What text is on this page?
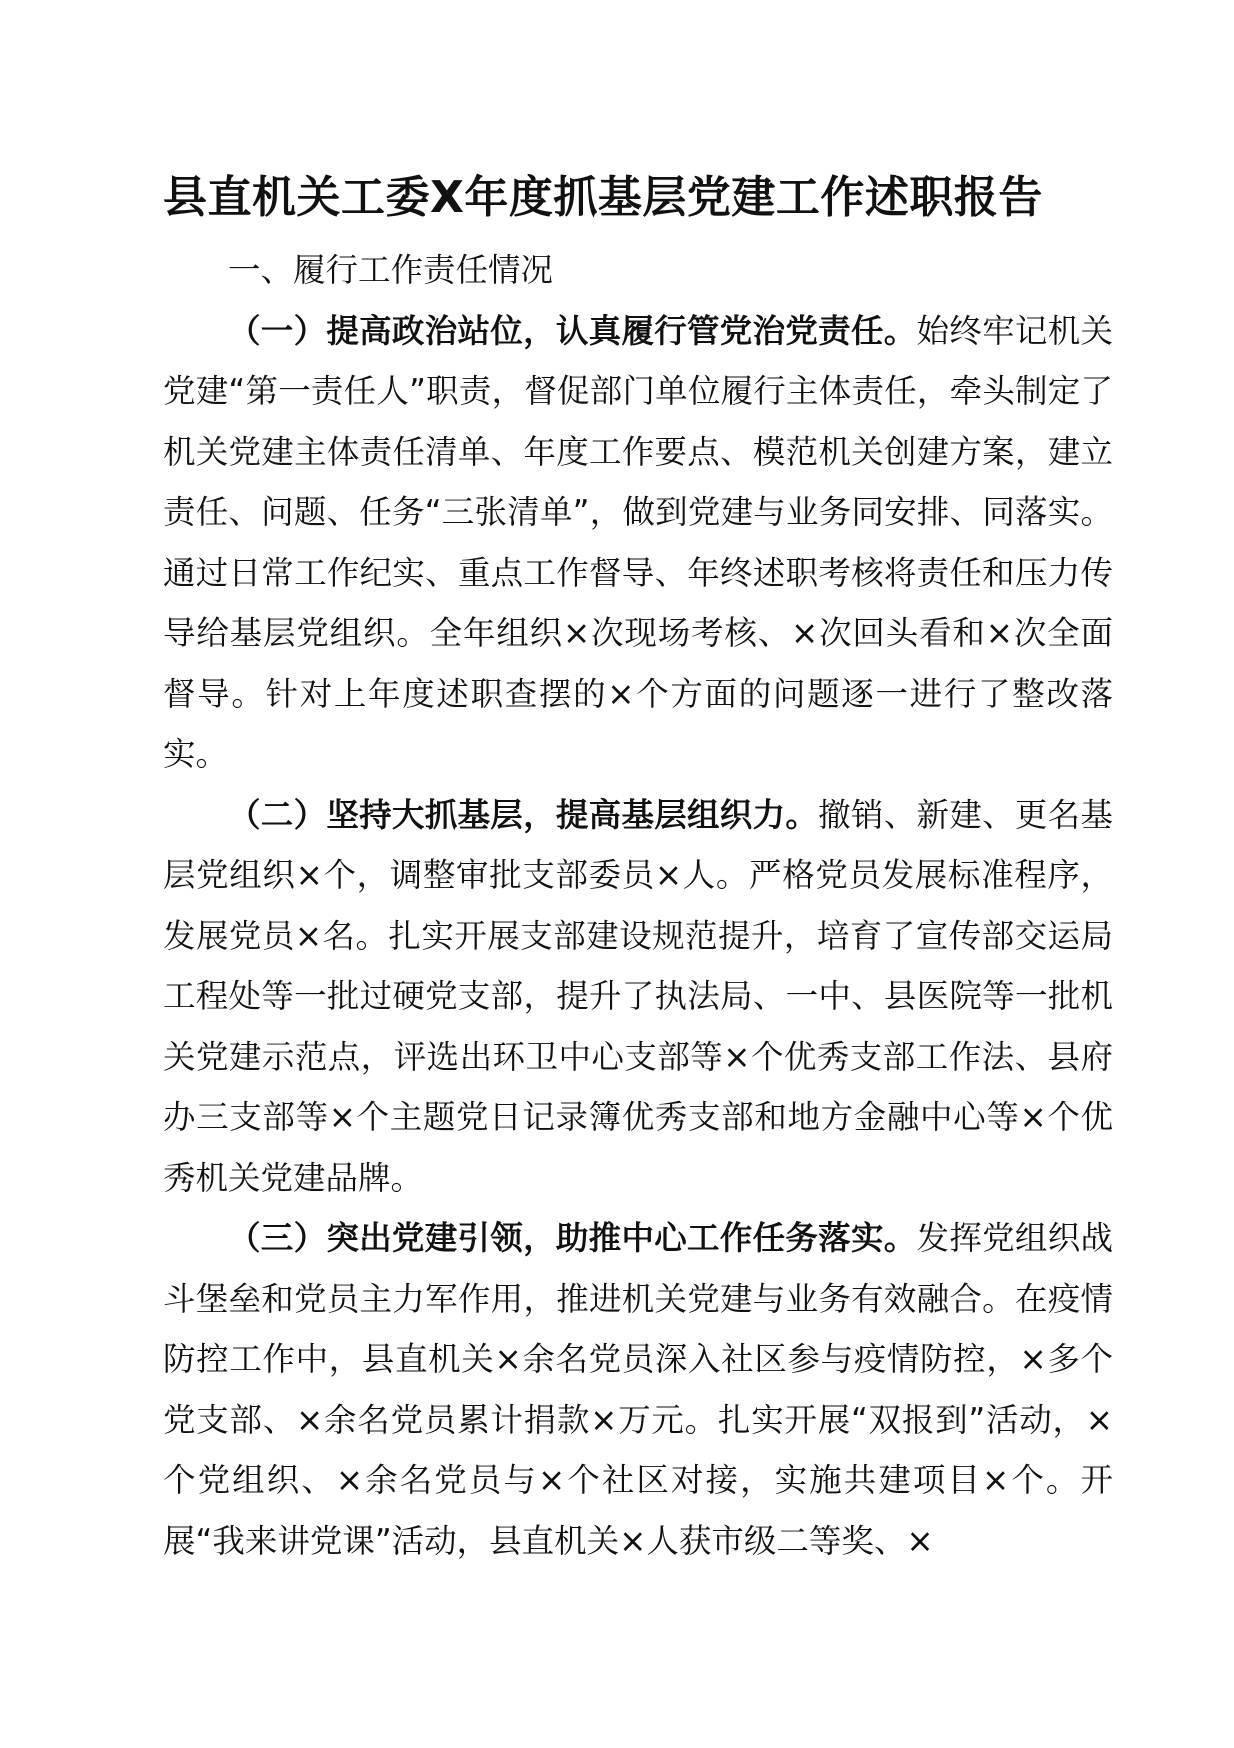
县直机关工委X年度抓基层党建工作述职报告

一、履行工作责任情况

（一）提高政治站位，认真履行管党治党责任。始终牢记机关党建“第一责任人”职责，督促部门单位履行主体责任，牵头制定了机关党建主体责任清单、年度工作要点、模范机关创建方案，建立责任、问题、任务“三张清单”，做到党建与业务同安排、同落实。通过日常工作纪实、重点工作督导、年终述职考核将责任和压力传导给基层党组织。全年组织×次现场考核、×次回头看和×次全面督导。针对上年度述职查摆的×个方面的问题逐一进行了整改落实。

（二）坚持大抓基层，提高基层组织力。撤销、新建、更名基层党组织×个，调整审批支部委员×人。严格党员发展标准程序，发展党员×名。扎实开展支部建设规范提升，培育了宣传部交运局工程处等一批过硬党支部，提升了执法局、一中、县医院等一批机关党建示范点，评选出环卫中心支部等×个优秀支部工作法、县府办三支部等×个主题党日记录簿优秀支部和地方金融中心等×个优秀机关党建品牌。

（三）突出党建引领，助推中心工作任务落实。发挥党组织战斗堡垒和党员主力军作用，推进机关党建与业务有效融合。在疫情防控工作中，县直机关×余名党员深入社区参与疫情防控，×多个党支部、×余名党员累计捐款×万元。扎实开展“双报到”活动，×个党组织、×余名党员与×个社区对接，实施共建项目×个。开展“我来讲党课”活动，县直机关×人获市级二等奖、×
